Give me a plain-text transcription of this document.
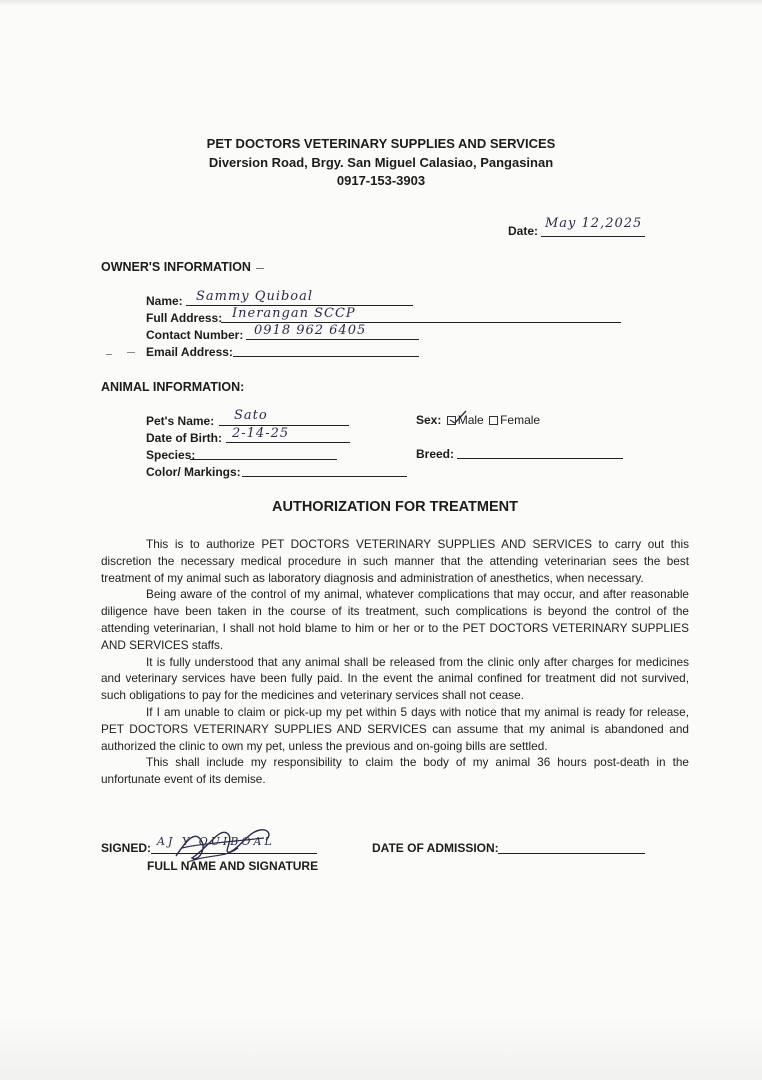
PET DOCTORS VETERINARY SUPPLIES AND SERVICES
Diversion Road, Brgy. San Miguel Calasiao, Pangasinan
0917-153-3903
Date: May 12,2025
OWNER'S INFORMATION
Name: Sammy Quiboal
Full Address: Inerangan SCCP
Contact Number: 0918 962 6405
Email Address:
ANIMAL INFORMATION:
Pet's Name: Sato
Date of Birth: 2-14-25
Species:
Color/ Markings:
Sex: Male Female
Breed:
AUTHORIZATION FOR TREATMENT

This is to authorize PET DOCTORS VETERINARY SUPPLIES AND SERVICES to carry out this discretion the necessary medical procedure in such manner that the attending veterinarian sees the best treatment of my animal such as laboratory diagnosis and administration of anesthetics, when necessary.

Being aware of the control of my animal, whatever complications that may occur, and after reasonable diligence have been taken in the course of its treatment, such complications is beyond the control of the attending veterinarian, I shall not hold blame to him or her or to the PET DOCTORS VETERINARY SUPPLIES AND SERVICES staffs.

It is fully understood that any animal shall be released from the clinic only after charges for medicines and veterinary services have been fully paid. In the event the animal confined for treatment did not survived, such obligations to pay for the medicines and veterinary services shall not cease.

If I am unable to claim or pick-up my pet within 5 days with notice that my animal is ready for release, PET DOCTORS VETERINARY SUPPLIES AND SERVICES can assume that my animal is abandoned and authorized the clinic to own my pet, unless the previous and on-going bills are settled.

This shall include my responsibility to claim the body of my animal 36 hours post-death in the unfortunate event of its demise.

SIGNED: AJ Y QUIBOAL
FULL NAME AND SIGNATURE
DATE OF ADMISSION:
